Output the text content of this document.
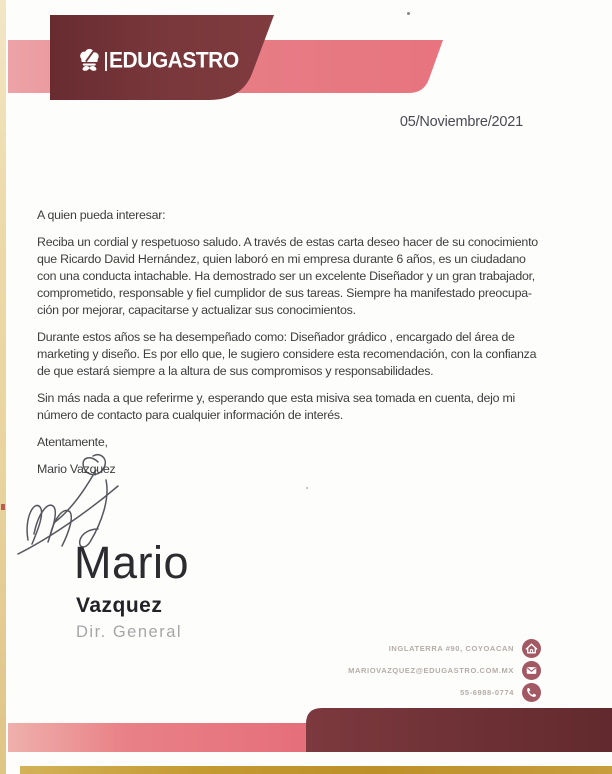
EDUGASTRO
05/Noviembre/2021
A quien pueda interesar:
Reciba un cordial y respetuoso saludo. A través de estas carta deseo hacer de su conocimiento
que Ricardo David Hernández, quien laboró en mi empresa durante 6 años, es un ciudadano
con una conducta intachable. Ha demostrado ser un excelente Diseñador y un gran trabajador,
comprometido, responsable y fiel cumplidor de sus tareas. Siempre ha manifestado preocupa-
ción por mejorar, capacitarse y actualizar sus conocimientos.
Durante estos años se ha desempeñado como: Diseñador grádico , encargado del área de
marketing y diseño. Es por ello que, le sugiero considere esta recomendación, con la confianza
de que estará siempre a la altura de sus compromisos y responsabilidades.
Sin más nada a que referirme y, esperando que esta misiva sea tomada en cuenta, dejo mi
número de contacto para cualquier información de interés.
Atentamente,
Mario Vazquez
Mario
Vazquez
Dir. General
INGLATERRA #90, COYOACAN
MARIOVAZQUEZ@EDUGASTRO.COM.MX
55-6988-0774
